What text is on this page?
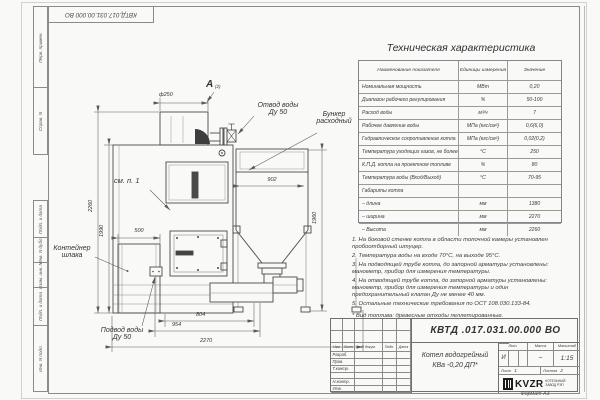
КВТД.017.031.00.000 ВО
Перв. примен.
Справ. N
Подп. и дата
Инв. N дубл.
Взам. инв. N
Подп. и дата
Инв. N подл.
Отвод воды
Ду 50	Бункер
расходный
Контейнер
шлака
Подвод воды
Ду 50
см. п. 1
А (2)
ф250
500
902
804
954
2270
2260
1990
1960
Техническая характеристика
Наименование показателя	Единицы измерения	Значение
Номинальная мощность	МВт	0,20
Диапазон рабочего регулирования	%	50-100
Расход воды	м³/ч	7
Рабочее давление воды	МПа (кгс/см²)	0,6(6,0)
Гидравлическое сопротивление котла	МПа (кгс/см²)	0,02(0,2)
Температура уходящих газов, не более	°С	250
К.П.Д. котла на проектном топливе	%	80
Температура воды (Вход/Выход)	°С	70-95
Габариты котла
– длина	мм	1380
– ширина	мм	2270
– Высота	мм	2260
1. На боковой стенке котла в области топочной камеры установлен пробоотборный штуцер.
2. Температура воды на входе 70°С, на выходе 95°С.
3. На подводящей трубе котла, до запорной арматуры установлены: манометр, прибор для измерения температуры.
4. На отводящей трубе котла, до запорной арматуры установлены: манометр, прибор для измерения температуры и один предохранительный клапан Ду не менее 40 мм.
5. Остальные технические требования по ОСТ 108.030.133-84.
* Вид топлива: древесные отходы пеллетированные.
КВТД .017.031.00.000 ВО
Изм	Лист	N докум.	Подп.	Дата
Разраб.
Пров.
Т.контр.
Н.контр.
Утв.
Котел водогрейный
КВа -0,20 ДП*
Лит.	Масса	Масштаб
И	–	1:15
Лист 1	Листов 2
KVZR КОТЕЛЬНЫЙ
ЗАВОД РЭП
Формат А3
